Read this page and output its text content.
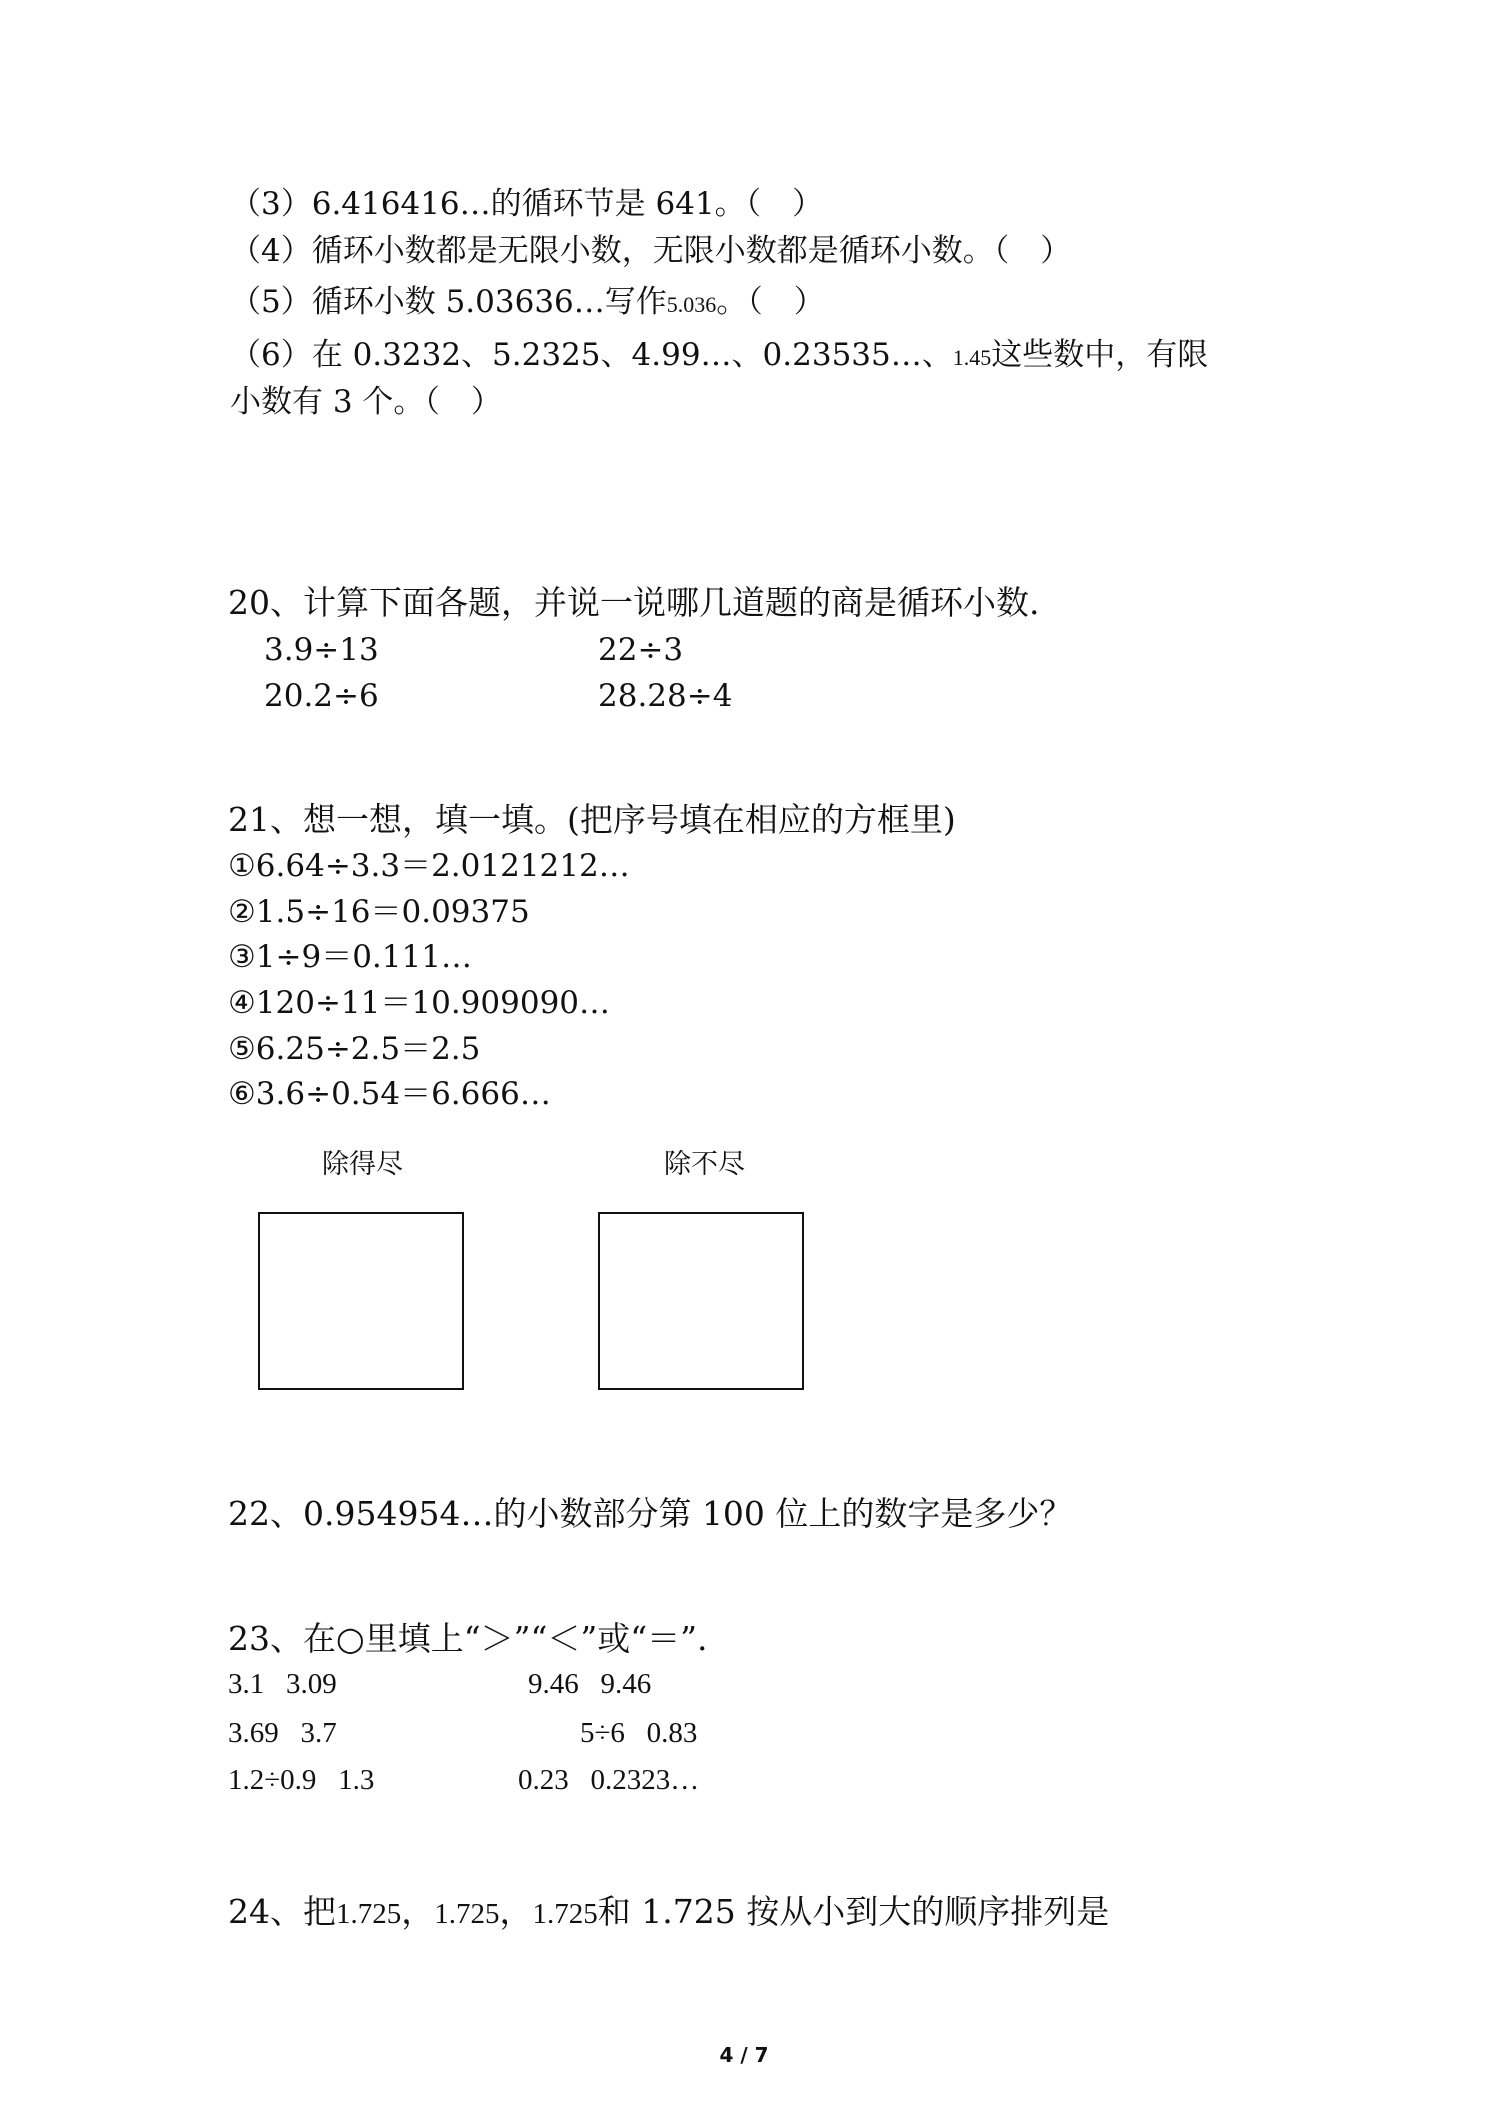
（3）6.416416…的循环节是 641。（　）
（4）循环小数都是无限小数，无限小数都是循环小数。（　）
（5）循环小数 5.03636…写作5.036。（　）
（6）在 0.3232、5.2325、4.99…、0.23535…、1.45这些数中，有限
小数有 3 个。（　）
20、计算下面各题，并说一说哪几道题的商是循环小数.
3.9÷13	22÷3
20.2÷6	28.28÷4
21、想一想，填一填。(把序号填在相应的方框里)
①6.64÷3.3＝2.0121212…
②1.5÷16＝0.09375
③1÷9＝0.111…
④120÷11＝10.909090…
⑤6.25÷2.5＝2.5
⑥3.6÷0.54＝6.666…
除得尽	除不尽
22、0.954954…的小数部分第 100 位上的数字是多少？
23、在○里填上“＞”“＜”或“＝”.
3.1 3.09	9.46 9.46
3.69 3.7	5÷6 0.83
1.2÷0.9 1.3	0.23 0.2323…
24、把1.725，1.725，1.725和 1.725 按从小到大的顺序排列是
4 / 7
